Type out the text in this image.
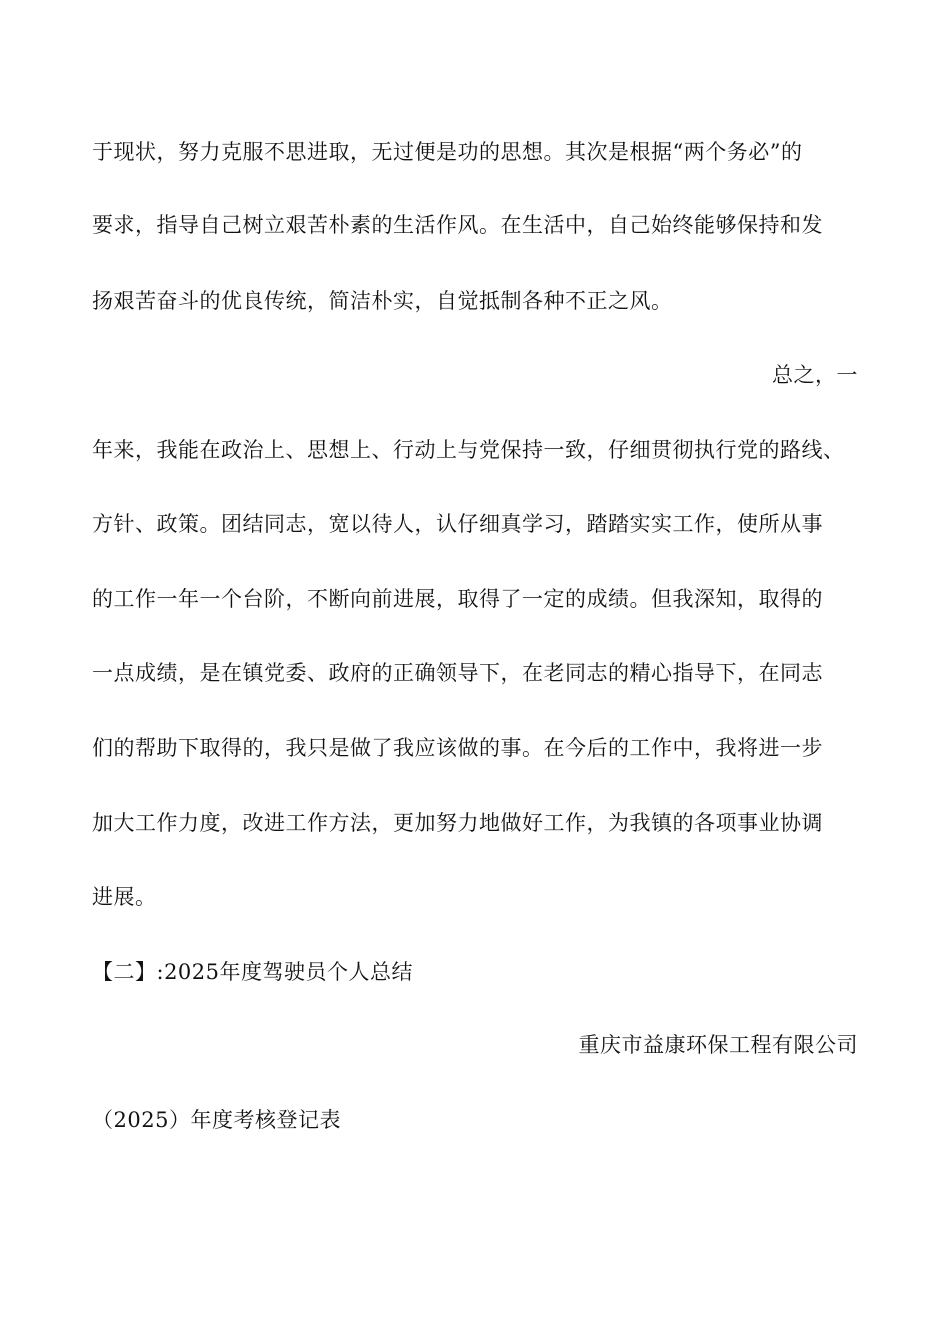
于现状，努力克服不思进取，无过便是功的思想。其次是根据“两个务必”的
要求，指导自己树立艰苦朴素的生活作风。在生活中，自己始终能够保持和发
扬艰苦奋斗的优良传统，简洁朴实，自觉抵制各种不正之风。
总之，一
年来，我能在政治上、思想上、行动上与党保持一致，仔细贯彻执行党的路线、
方针、政策。团结同志，宽以待人，认仔细真学习，踏踏实实工作，使所从事
的工作一年一个台阶，不断向前进展，取得了一定的成绩。但我深知，取得的
一点成绩，是在镇党委、政府的正确领导下，在老同志的精心指导下，在同志
们的帮助下取得的，我只是做了我应该做的事。在今后的工作中，我将进一步
加大工作力度，改进工作方法，更加努力地做好工作，为我镇的各项事业协调
进展。
【二】:2025年度驾驶员个人总结
重庆市益康环保工程有限公司
（2025）年度考核登记表
